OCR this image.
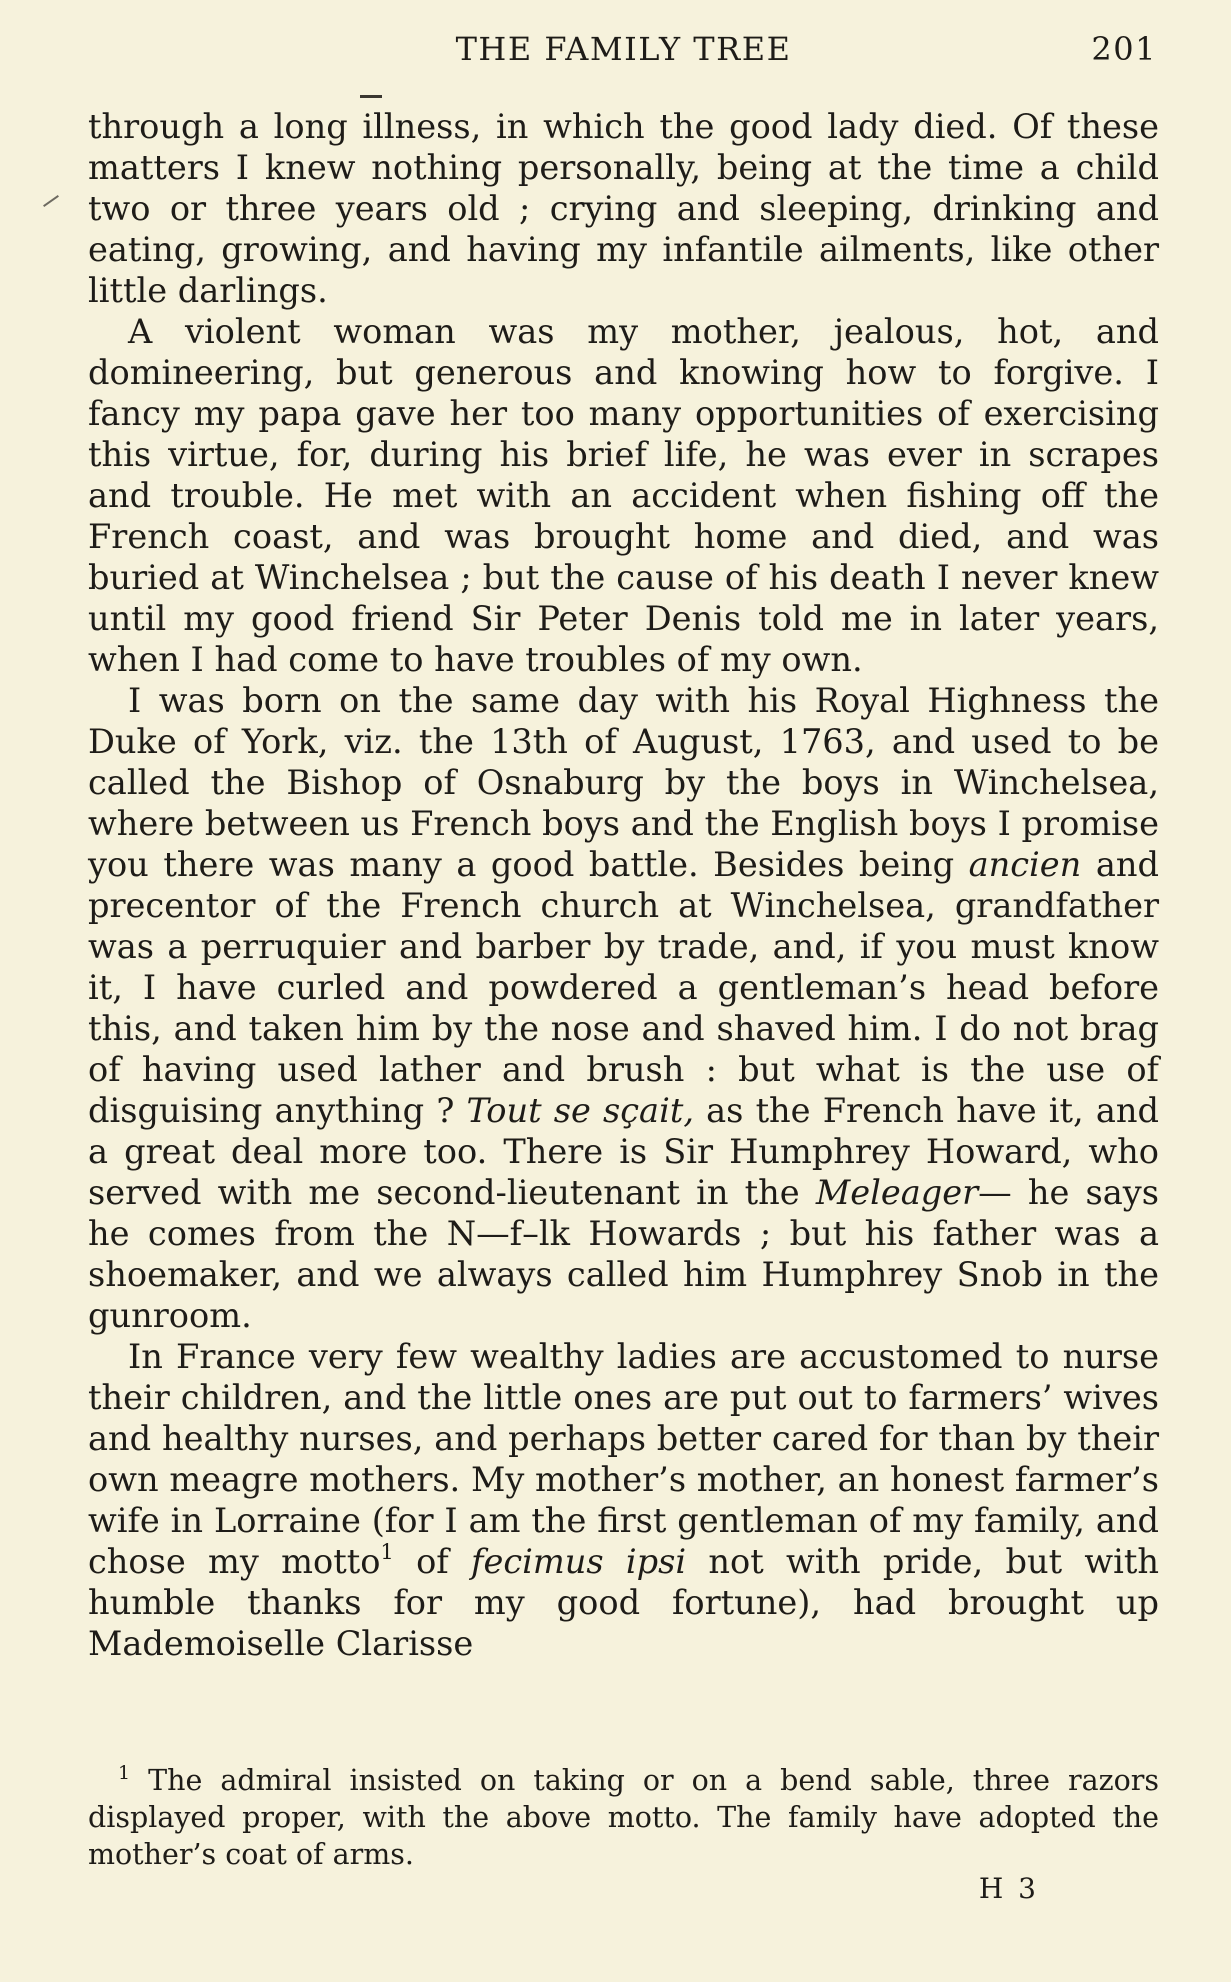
THE FAMILY TREE	201

through a long illness, in which the good lady died. Of these matters I knew nothing personally, being at the time a child two or three years old ; crying and sleeping, drinking and eating, growing, and having my infantile ailments, like other little darlings.

A violent woman was my mother, jealous, hot, and domineering, but generous and knowing how to forgive. I fancy my papa gave her too many opportunities of exercising this virtue, for, during his brief life, he was ever in scrapes and trouble. He met with an accident when fishing off the French coast, and was brought home and died, and was buried at Winchelsea ; but the cause of his death I never knew until my good friend Sir Peter Denis told me in later years, when I had come to have troubles of my own.

I was born on the same day with his Royal Highness the Duke of York, viz. the 13th of August, 1763, and used to be called the Bishop of Osnaburg by the boys in Winchelsea, where between us French boys and the English boys I promise you there was many a good battle. Besides being ancien and precentor of the French church at Winchelsea, grandfather was a perruquier and barber by trade, and, if you must know it, I have curled and powdered a gentleman’s head before this, and taken him by the nose and shaved him. I do not brag of having used lather and brush : but what is the use of disguising anything ? Tout se sçait, as the French have it, and a great deal more too. There is Sir Humphrey Howard, who served with me second-lieutenant in the Meleager— he says he comes from the N—f–lk Howards ; but his father was a shoemaker, and we always called him Humphrey Snob in the gunroom.

In France very few wealthy ladies are accustomed to nurse their children, and the little ones are put out to farmers’ wives and healthy nurses, and perhaps better cared for than by their own meagre mothers. My mother’s mother, an honest farmer’s wife in Lorraine (for I am the first gentleman of my family, and chose my motto$^1$ of fecimus ipsi not with pride, but with humble thanks for my good fortune), had brought up Mademoiselle Clarisse

$^1$ The admiral insisted on taking or on a bend sable, three razors displayed proper, with the above motto. The family have adopted the mother’s coat of arms.
H 3
